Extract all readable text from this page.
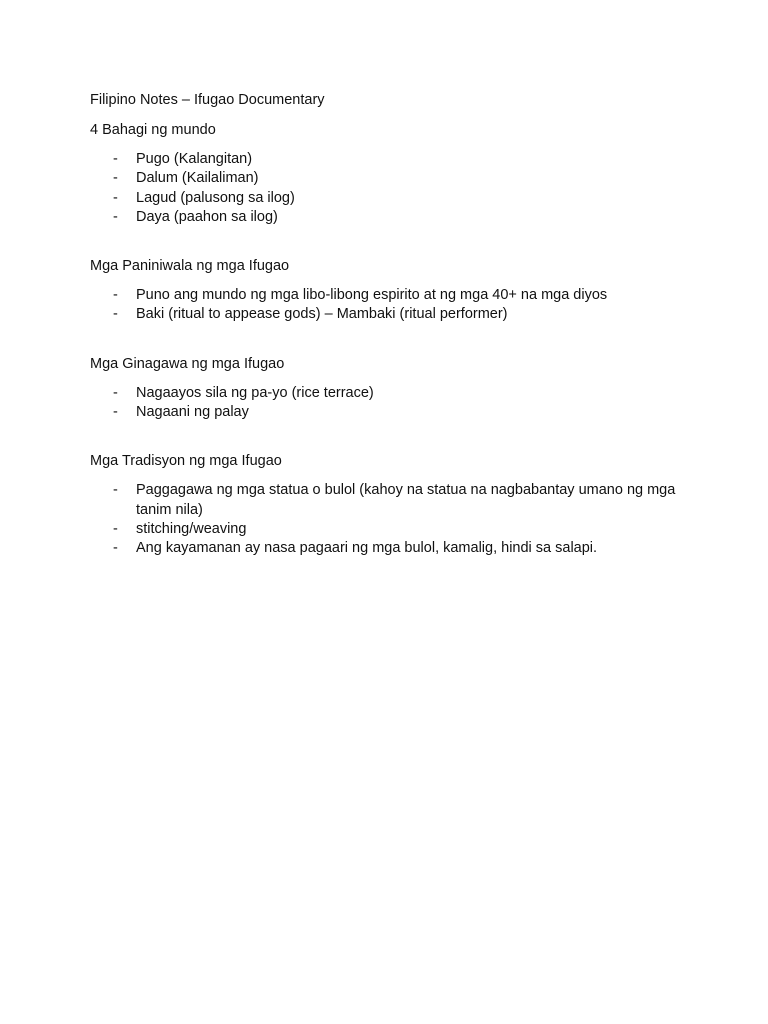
Filipino Notes – Ifugao Documentary
4 Bahagi ng mundo
- Pugo (Kalangitan)
- Dalum (Kailaliman)
- Lagud (palusong sa ilog)
- Daya (paahon sa ilog)
Mga Paniniwala ng mga Ifugao
- Puno ang mundo ng mga libo-libong espirito at ng mga 40+ na mga diyos
- Baki (ritual to appease gods) – Mambaki (ritual performer)
Mga Ginagawa ng mga Ifugao
- Nagaayos sila ng pa-yo (rice terrace)
- Nagaani ng palay
Mga Tradisyon ng mga Ifugao
- Paggagawa ng mga statua o bulol (kahoy na statua na nagbabantay umano ng mga tanim nila)
- stitching/weaving
- Ang kayamanan ay nasa pagaari ng mga bulol, kamalig, hindi sa salapi.
